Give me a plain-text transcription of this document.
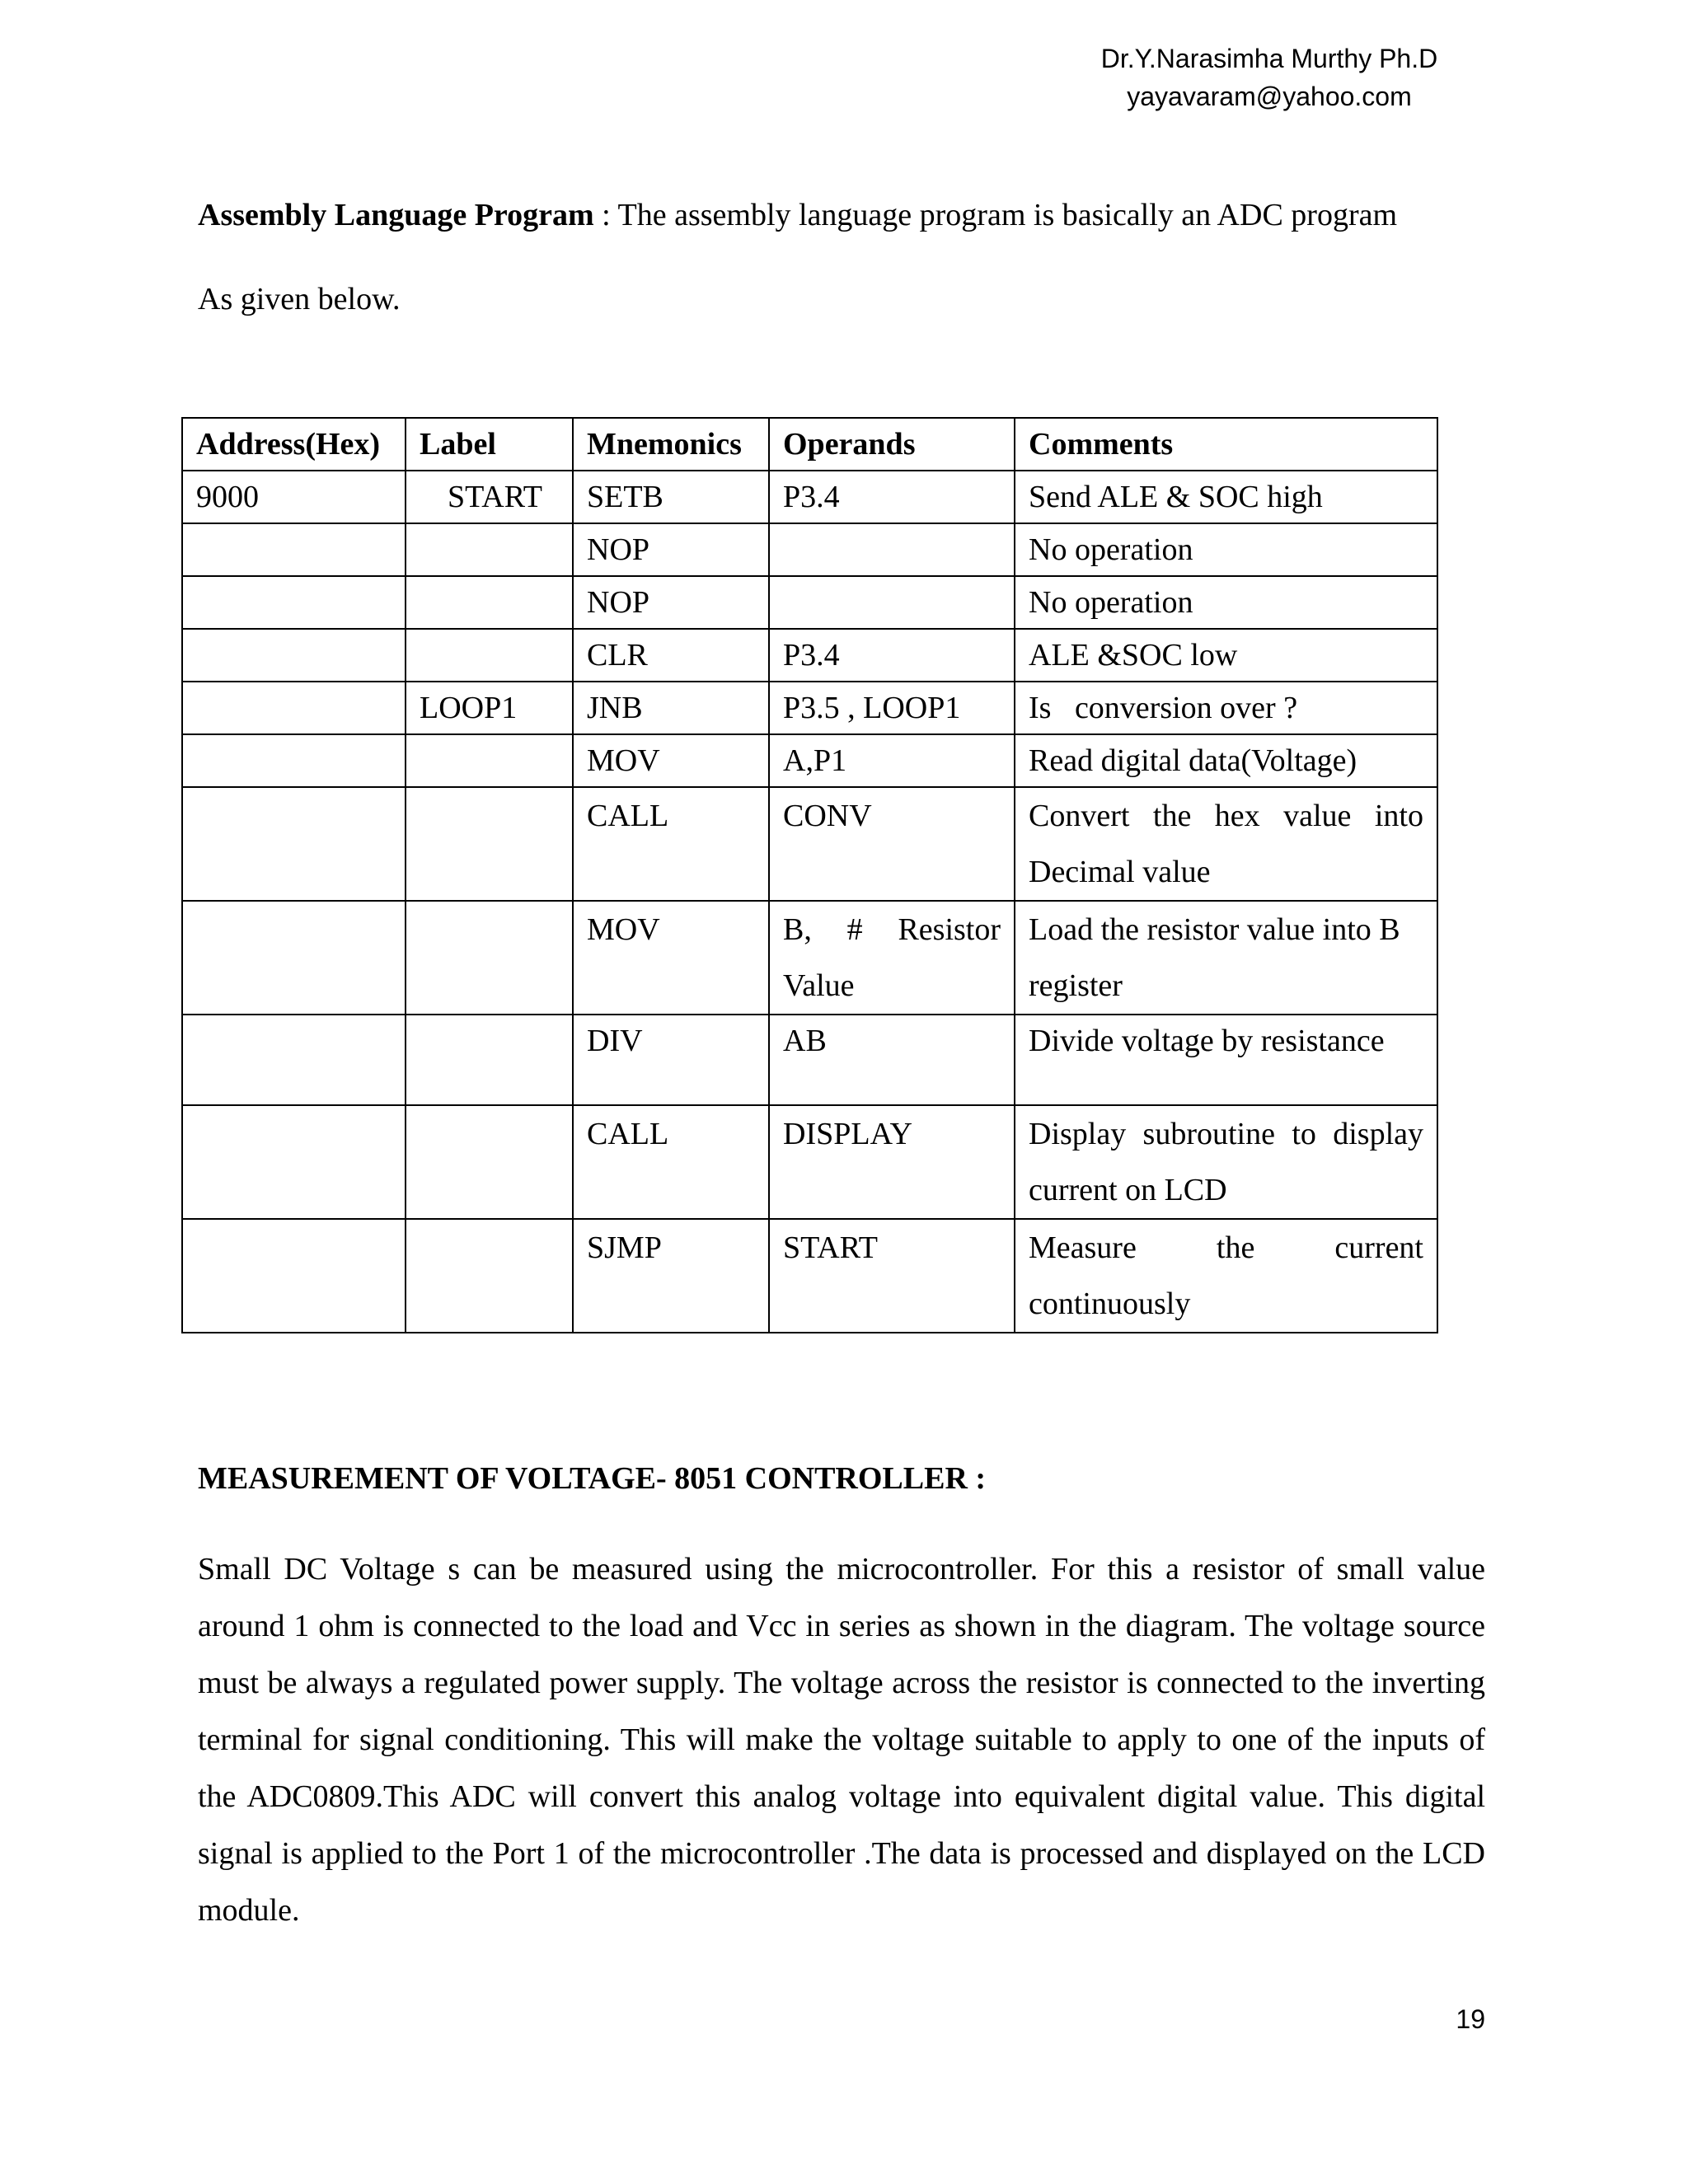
Dr.Y.Narasimha Murthy Ph.D
yayavaram@yahoo.com

Assembly Language Program : The assembly language program is basically an ADC program

As given below.

Address(Hex)	Label	Mnemonics	Operands	Comments
9000	START	SETB	P3.4	Send ALE & SOC high
		NOP		No operation
		NOP		No operation
		CLR	P3.4	ALE &SOC low
	LOOP1	JNB	P3.5 , LOOP1	Is   conversion over ?
		MOV	A,P1	Read digital data(Voltage)
		CALL	CONV	Convert the hex value into Decimal value
		MOV	B, # Resistor Value	Load the resistor value into B register
		DIV	AB	Divide voltage by resistance
		CALL	DISPLAY	Display subroutine to display current on LCD
		SJMP	START	Measure the current continuously

MEASUREMENT OF VOLTAGE- 8051 CONTROLLER :

Small DC Voltage s can be measured using the microcontroller. For this a resistor of small value around 1 ohm is connected to the load and Vcc in series as shown in the diagram. The voltage source must be always a regulated power supply. The voltage across the resistor is connected to the inverting terminal for signal conditioning. This will make the voltage suitable to apply to one of the inputs of the ADC0809.This ADC will convert this analog voltage into equivalent digital value. This digital signal is applied to the Port 1 of the microcontroller .The data is processed and displayed on the LCD module.

19
